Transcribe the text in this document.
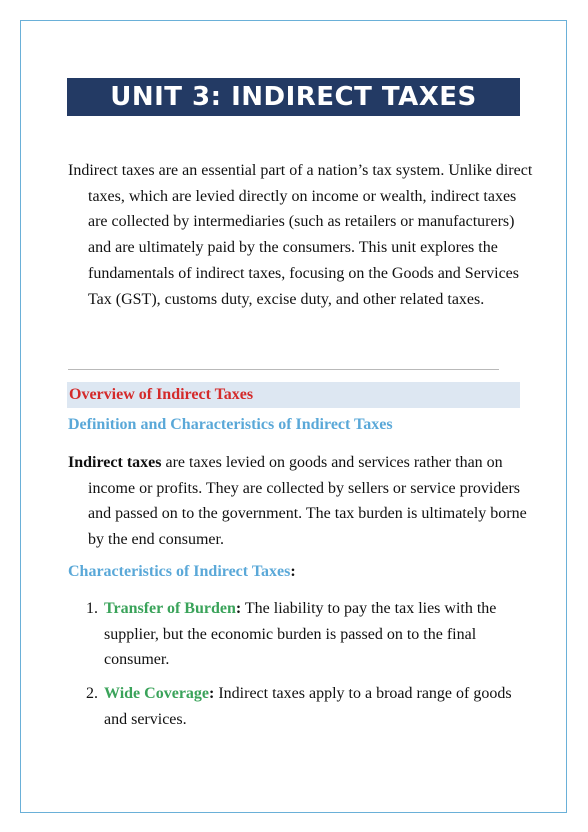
UNIT 3: INDIRECT TAXES

Indirect taxes are an essential part of a nation’s tax system. Unlike direct taxes, which are levied directly on income or wealth, indirect taxes are collected by intermediaries (such as retailers or manufacturers) and are ultimately paid by the consumers. This unit explores the fundamentals of indirect taxes, focusing on the Goods and Services Tax (GST), customs duty, excise duty, and other related taxes.

Overview of Indirect Taxes
Definition and Characteristics of Indirect Taxes

Indirect taxes are taxes levied on goods and services rather than on income or profits. They are collected by sellers or service providers and passed on to the government. The tax burden is ultimately borne by the end consumer.

Characteristics of Indirect Taxes:
1. Transfer of Burden: The liability to pay the tax lies with the supplier, but the economic burden is passed on to the final consumer.
2. Wide Coverage: Indirect taxes apply to a broad range of goods and services.
